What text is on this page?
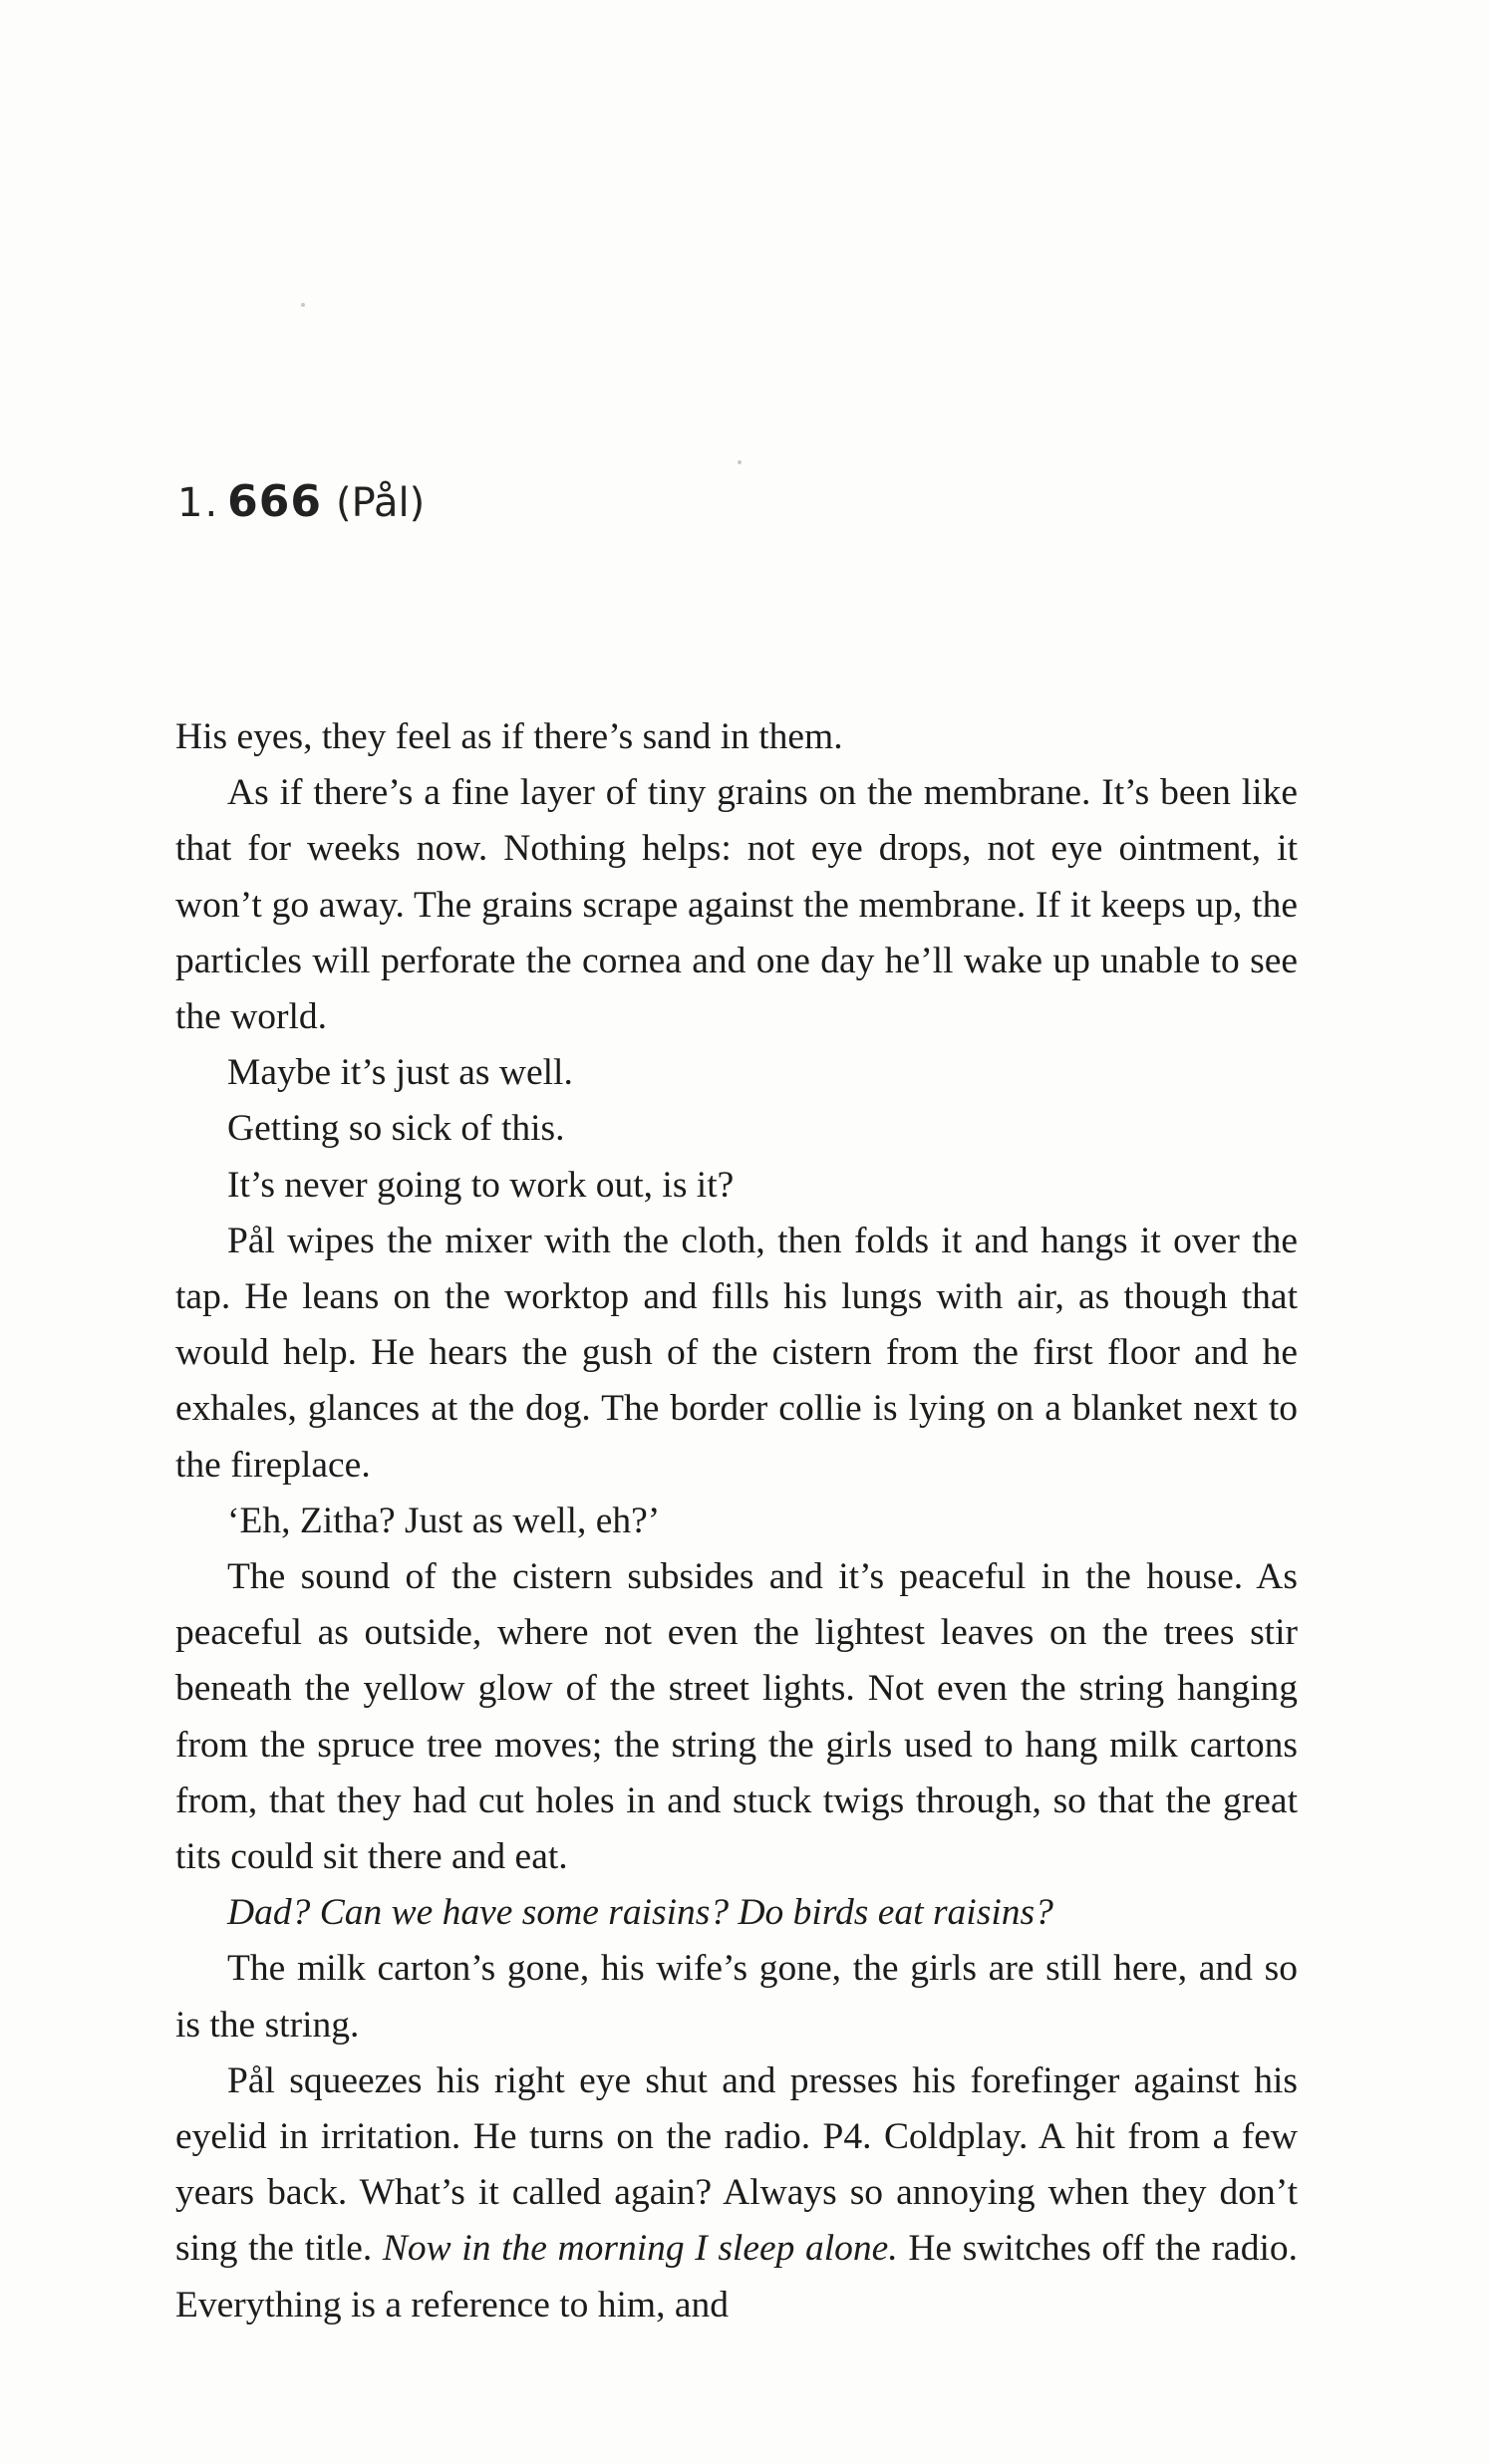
1 . 666 (Pål)

His eyes, they feel as if there’s sand in them.

As if there’s a fine layer of tiny grains on the membrane. It’s been like that for weeks now. Nothing helps: not eye drops, not eye ointment, it won’t go away. The grains scrape against the membrane. If it keeps up, the particles will perforate the cornea and one day he’ll wake up unable to see the world.

Maybe it’s just as well.

Getting so sick of this.

It’s never going to work out, is it?

Pål wipes the mixer with the cloth, then folds it and hangs it over the tap. He leans on the worktop and fills his lungs with air, as though that would help. He hears the gush of the cistern from the first floor and he exhales, glances at the dog. The border collie is lying on a blanket next to the fireplace.

‘Eh, Zitha? Just as well, eh?’

The sound of the cistern subsides and it’s peaceful in the house. As peaceful as outside, where not even the lightest leaves on the trees stir beneath the yellow glow of the street lights. Not even the string hanging from the spruce tree moves; the string the girls used to hang milk cartons from, that they had cut holes in and stuck twigs through, so that the great tits could sit there and eat.

Dad? Can we have some raisins? Do birds eat raisins?

The milk carton’s gone, his wife’s gone, the girls are still here, and so is the string.

Pål squeezes his right eye shut and presses his forefinger against his eyelid in irritation. He turns on the radio. P4. Coldplay. A hit from a few years back. What’s it called again? Always so annoying when they don’t sing the title. Now in the morning I sleep alone. He switches off the radio. Everything is a reference to him, and
